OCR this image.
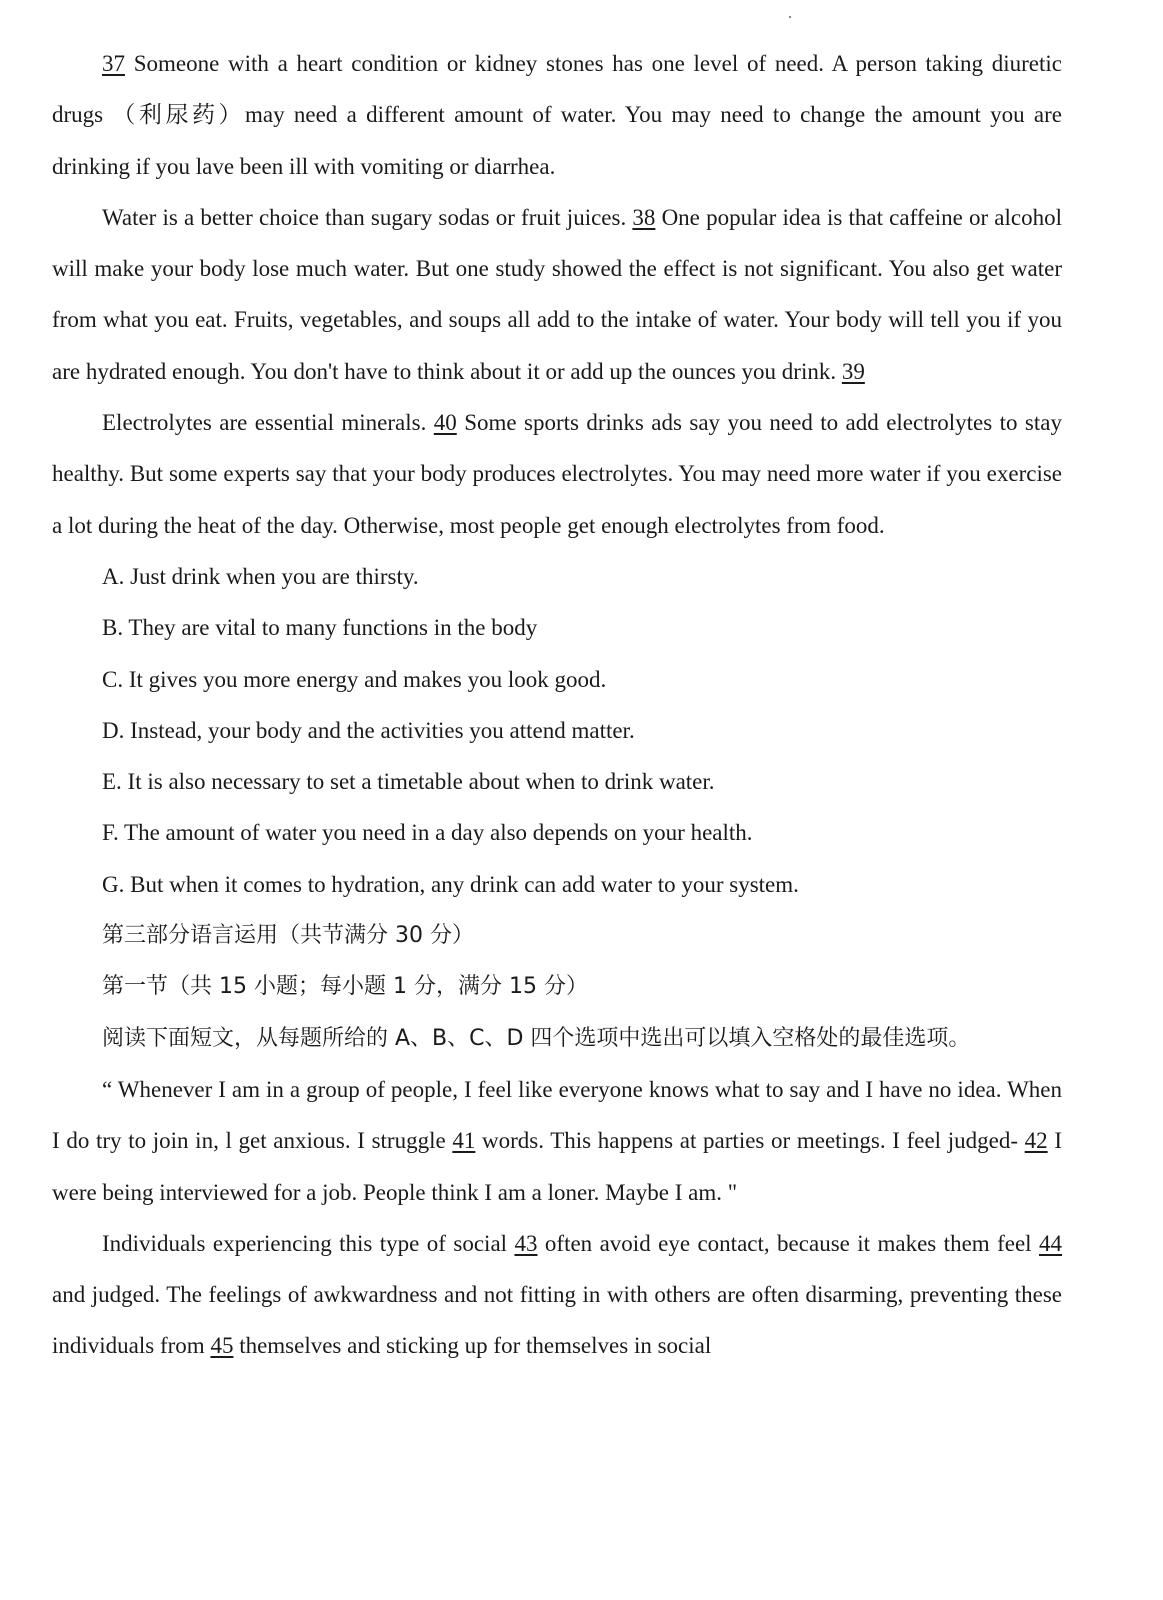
37 Someone with a heart condition or kidney stones has one level of need. A person taking diuretic drugs （利尿药）may need a different amount of water. You may need to change the amount you are drinking if you lave been ill with vomiting or diarrhea.

Water is a better choice than sugary sodas or fruit juices. 38 One popular idea is that caffeine or alcohol will make your body lose much water. But one study showed the effect is not significant. You also get water from what you eat. Fruits, vegetables, and soups all add to the intake of water. Your body will tell you if you are hydrated enough. You don't have to think about it or add up the ounces you drink. 39

Electrolytes are essential minerals. 40 Some sports drinks ads say you need to add electrolytes to stay healthy. But some experts say that your body produces electrolytes. You may need more water if you exercise a lot during the heat of the day. Otherwise, most people get enough electrolytes from food.

A. Just drink when you are thirsty.

B. They are vital to many functions in the body

C. It gives you more energy and makes you look good.

D. Instead, your body and the activities you attend matter.

E. It is also necessary to set a timetable about when to drink water.

F. The amount of water you need in a day also depends on your health.

G. But when it comes to hydration, any drink can add water to your system.

第三部分语言运用（共节满分 30 分）

第一节（共 15 小题；每小题 1 分，满分 15 分）

阅读下面短文，从每题所给的 A、B、C、D 四个选项中选出可以填入空格处的最佳选项。

“ Whenever I am in a group of people, I feel like everyone knows what to say and I have no idea. When I do try to join in, l get anxious. I struggle 41 words. This happens at parties or meetings. I feel judged- 42 I were being interviewed for a job. People think I am a loner. Maybe I am. "

Individuals experiencing this type of social 43 often avoid eye contact, because it makes them feel 44 and judged. The feelings of awkwardness and not fitting in with others are often disarming, preventing these individuals from 45 themselves and sticking up for themselves in social
